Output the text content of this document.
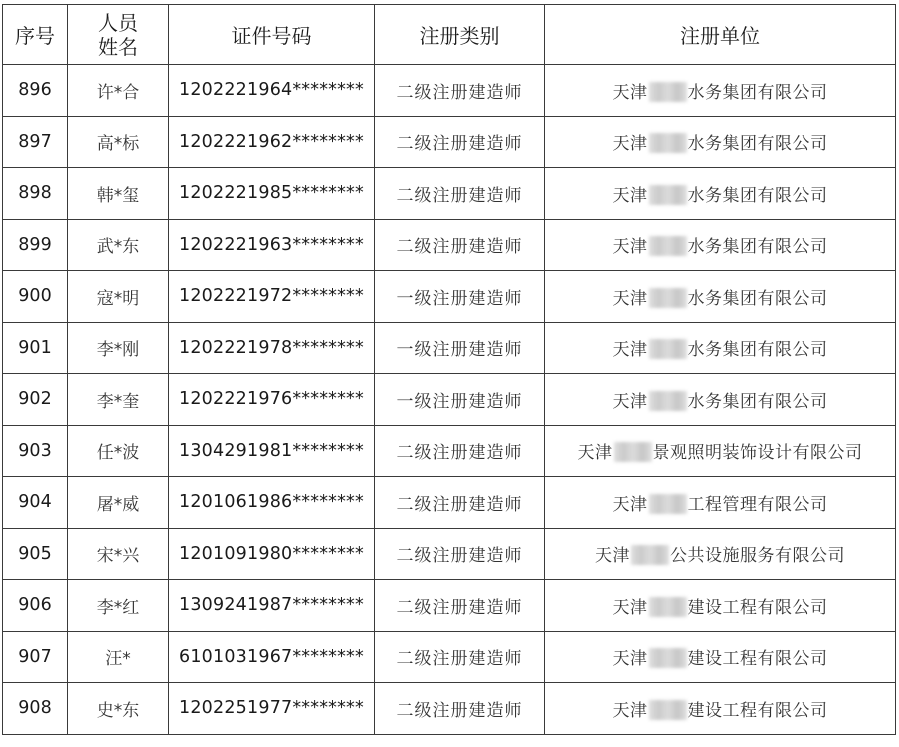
序号	人员姓名	证件号码	注册类别	注册单位
896	许*合	1202221964********	二级注册建造师	天津 水务集团有限公司
897	高*标	1202221962********	二级注册建造师	天津 水务集团有限公司
898	韩*玺	1202221985********	二级注册建造师	天津 水务集团有限公司
899	武*东	1202221963********	二级注册建造师	天津 水务集团有限公司
900	寇*明	1202221972********	一级注册建造师	天津 水务集团有限公司
901	李*刚	1202221978********	一级注册建造师	天津 水务集团有限公司
902	李*奎	1202221976********	一级注册建造师	天津 水务集团有限公司
903	任*波	1304291981********	二级注册建造师	天津 景观照明装饰设计有限公司
904	屠*威	1201061986********	二级注册建造师	天津 工程管理有限公司
905	宋*兴	1201091980********	二级注册建造师	天津 公共设施服务有限公司
906	李*红	1309241987********	二级注册建造师	天津 建设工程有限公司
907	汪*	6101031967********	二级注册建造师	天津 建设工程有限公司
908	史*东	1202251977********	二级注册建造师	天津 建设工程有限公司
